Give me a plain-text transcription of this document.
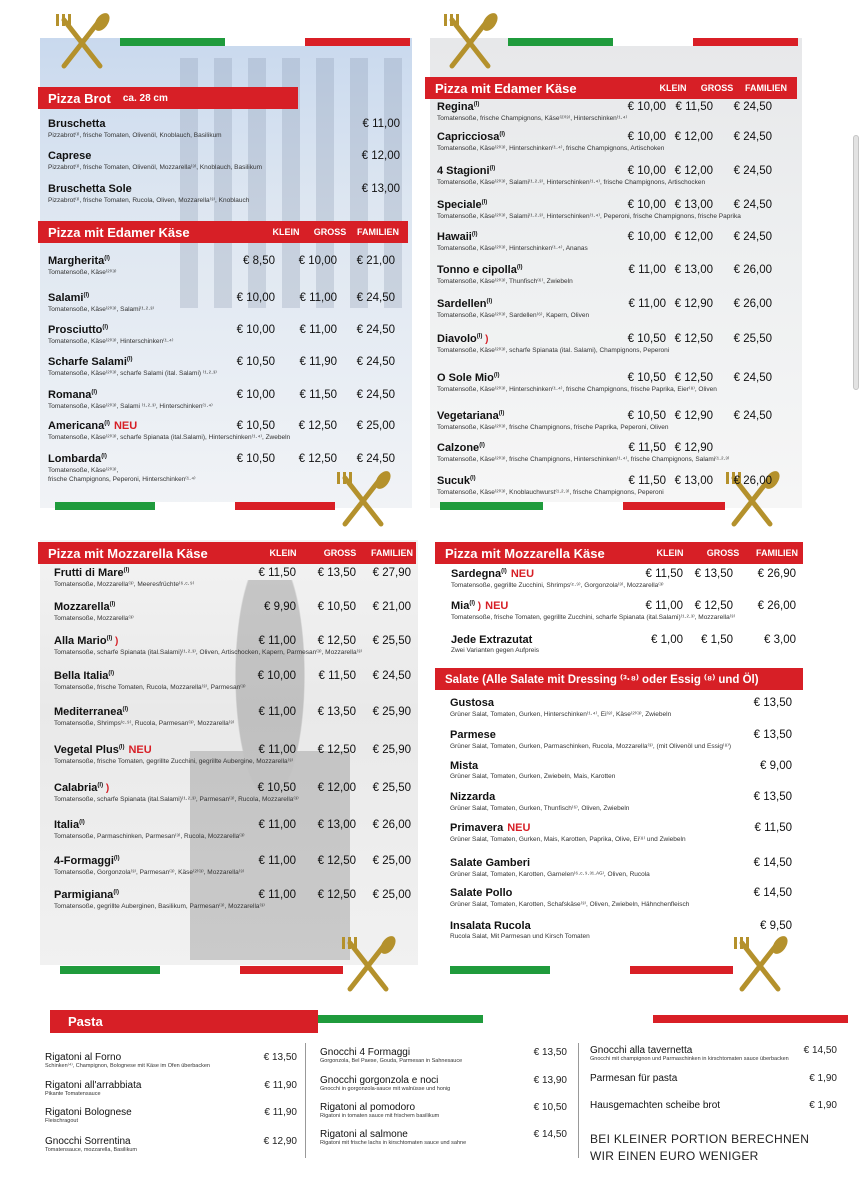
Pizza Brot ca. 28 cm
Bruschetta
Pizzabrot⁽ᴵ⁾, frische Tomaten, Olivenöl, Knoblauch, Basilikum
€ 11,00
Caprese
Pizzabrot⁽ᴵ⁾, frische Tomaten, Olivenöl, Mozzarella⁽³⁾, Knoblauch, Basilikum
€ 12,00
Bruschetta Sole
Pizzabrot⁽ᴵ⁾, frische Tomaten, Rucola, Oliven, Mozzarella⁽³⁾, Knoblauch
€ 13,00
Pizza mit Edamer Käse	KLEIN	GROSS	FAMILIEN
Margherita$^{(I)}$
Tomatensoße, Käse⁽²⁾⁽³⁾
€ 8,50	€ 10,00	€ 21,00
Salami$^{(I)}$
Tomatensoße, Käse⁽²⁾⁽³⁾, Salami⁽¹·²·³⁾
€ 10,00	€ 11,00	€ 24,50
Prosciutto$^{(I)}$
Tomatensoße, Käse⁽²⁾⁽³⁾, Hinterschinken⁽¹·⁴⁾
€ 10,00	€ 11,00	€ 24,50
Scharfe Salami$^{(I)}$
Tomatensoße, Käse⁽²⁾⁽³⁾, scharfe Salami (ital. Salami) ⁽¹·²·³⁾
€ 10,50	€ 11,90	€ 24,50
Romana$^{(I)}$
Tomatensoße, Käse⁽²⁾⁽³⁾, Salami ⁽¹·²·³⁾, Hinterschinken⁽¹·⁴⁾
€ 10,00	€ 11,50	€ 24,50
Americana$^{(I)}$ NEU
Tomatensoße, Käse⁽²⁾⁽³⁾, scharfe Spianata (ital.Salami), Hinterschinken⁽¹·⁴⁾, Zwebeln
€ 10,50	€ 12,50	€ 25,00
Lombarda$^{(I)}$
Tomatensoße, Käse⁽²⁾⁽³⁾,
frische Champignons, Peperoni, Hinterschinken⁽¹·⁴⁾
€ 10,50	€ 12,50	€ 24,50
Pizza mit Edamer Käse	KLEIN	GROSS	FAMILIEN
Regina$^{(I)}$
Tomatensoße, frische Champignons, Käse⁽²⁾⁽³⁾, Hinterschinken⁽¹·⁴⁾
€ 10,00 € 11,50	€ 24,50
Capricciosa$^{(I)}$
Tomatensoße, Käse⁽²⁾⁽³⁾, Hinterschinken⁽¹·⁴⁾, frische Champignons, Artischoken
€ 10,00 € 12,00	€ 24,50
4 Stagioni$^{(I)}$
Tomatensoße, Käse⁽²⁾⁽³⁾, Salami⁽¹·²·³⁾, Hinterschinken⁽¹·⁴⁾, frische Champignons, Artischocken
€ 10,00 € 12,00	€ 24,50
Speciale$^{(I)}$
Tomatensoße, Käse⁽²⁾⁽³⁾, Salami⁽¹·²·³⁾, Hinterschinken⁽¹·⁴⁾, Peperoni, frische Champignons, frische Paprika
€ 10,00 € 13,00	€ 24,50
Hawaii$^{(I)}$
Tomatensoße, Käse⁽²⁾⁽³⁾, Hinterschinken⁽¹·⁴⁾, Ananas
€ 10,00 € 12,00	€ 24,50
Tonno e cipolla$^{(I)}$
Tomatensoße, Käse⁽²⁾⁽³⁾, Thunfisch⁽⁶⁾, Zwiebeln
€ 11,00 € 13,00	€ 26,00
Sardellen$^{(I)}$
Tomatensoße, Käse⁽²⁾⁽³⁾, Sardellen⁽⁶⁾, Kapern, Oliven
€ 11,00 € 12,90	€ 26,00
Diavolo$^{(I)}$ )
Tomatensoße, Käse⁽²⁾⁽³⁾, scharfe Spianata (ital. Salami), Champignons, Peperoni
€ 10,50 € 12,50	€ 25,50
O Sole Mio$^{(I)}$
Tomatensoße, Käse⁽²⁾⁽³⁾, Hinterschinken⁽¹·⁴⁾, frische Champignons, frische Paprika, Eier⁽⁸⁾, Oliven
€ 10,50 € 12,50	€ 24,50
Vegetariana$^{(I)}$
Tomatensoße, Käse⁽²⁾⁽³⁾, frische Champignons, frische Paprika, Peperoni, Oliven
€ 10,50 € 12,90	€ 24,50
Calzone$^{(I)}$
Tomatensoße, Käse⁽²⁾⁽³⁾, frische Champignons, Hinterschinken⁽¹·⁴⁾, frische Champignons, Salami⁽¹·²·³⁾
€ 11,50 € 12,90
Sucuk$^{(I)}$
Tomatensoße, Käse⁽²⁾⁽³⁾, Knoblauchwurst⁽¹·²·³⁾, frische Champignons, Peperoni
€ 11,50 € 13,00	€ 26,00
Pizza mit Mozzarella Käse	KLEIN	GROSS	FAMILIEN
Frutti di Mare$^{(I)}$
Tomatensoße, Mozzarella⁽³⁾, Meeresfrüchte⁽⁶·ᶜ·⁹⁾
€ 11,50	€ 13,50	€ 27,90
Mozzarella$^{(I)}$
Tomatensoße, Mozzarella⁽³⁾
€ 9,90	€ 10,50	€ 21,00
Alla Mario$^{(I)}$ )
Tomatensoße, scharfe Spianata (ital.Salami)⁽¹·²·³⁾, Oliven, Artischocken, Kapern, Parmesan⁽³⁾, Mozzarella⁽³⁾
€ 11,00	€ 12,50	€ 25,50
Bella Italia$^{(I)}$
Tomatensoße, frische Tomaten, Rucola, Mozzarella⁽³⁾, Parmesan⁽³⁾
€ 10,00	€ 11,50	€ 24,50
Mediterranea$^{(I)}$
Tomatensoße, Shrimps⁽ᶜ·⁹⁾, Rucola, Parmesan⁽³⁾, Mozzarella⁽³⁾
€ 11,00	€ 13,50	€ 25,90
Vegetal Plus$^{(I)}$ NEU
Tomatensoße, frische Tomaten, gegrillte Zucchini, gegrillte Aubergine, Mozzarella⁽³⁾
€ 11,00	€ 12,50	€ 25,90
Calabria$^{(I)}$ )
Tomatensoße, scharfe Spianata (ital.Salami)⁽¹·²·³⁾, Parmesan⁽³⁾, Rucola, Mozzarella⁽³⁾
€ 10,50	€ 12,00	€ 25,50
Italia$^{(I)}$
Tomatensoße, Parmaschinken, Parmesan⁽³⁾, Rucola, Mozzarella⁽³⁾
€ 11,00	€ 13,00	€ 26,00
4-Formaggi$^{(I)}$
Tomatensoße, Gorgonzola⁽³⁾, Parmesan⁽³⁾, Käse⁽²⁾⁽³⁾, Mozzarella⁽³⁾
€ 11,00	€ 12,50	€ 25,00
Parmigiana$^{(I)}$
Tomatensoße, gegrillte Auberginen, Basilikum, Parmesan⁽³⁾, Mozzarella⁽³⁾
€ 11,00	€ 12,50	€ 25,00
Pizza mit Mozzarella Käse	KLEIN	GROSS	FAMILIEN
Sardegna$^{(I)}$ NEU
Tomatensoße, gegrillte Zucchini, Shrimps⁽ᶜ·⁹⁾, Gorgonzola⁽³⁾, Mozzarella⁽³⁾
€ 11,50	€ 13,50	€ 26,90
Mia$^{(I)}$ ) NEU
Tomatensoße, frische Tomaten, gegrillte Zucchini, scharfe Spianata (ital.Salami)⁽¹·²·³⁾, Mozzarella⁽³⁾
€ 11,00	€ 12,50	€ 26,00
Jede Extrazutat
Zwei Varianten gegen Aufpreis
€ 1,00	€ 1,50	€ 3,00
Salate (Alle Salate mit Dressing ⁽³·⁸⁾ oder Essig ⁽⁸⁾ und Öl)
Gustosa
Grüner Salat, Tomaten, Gurken, Hinterschinken⁽¹·⁴⁾, Ei⁽⁸⁾, Käse⁽²⁾⁽³⁾, Zwiebeln
€ 13,50
Parmese
Grüner Salat, Tomaten, Gurken, Parmaschinken, Rucola, Mozzarella⁽³⁾, (mit Olivenöl und Essig⁽⁸⁾)
€ 13,50
Mista
Grüner Salat, Tomaten, Gurken, Zwiebeln, Mais, Karotten
€ 9,00
Nizzarda
Grüner Salat, Tomaten, Gurken, Thunfisch⁽⁶⁾, Oliven, Zwiebeln
€ 13,50
Primavera NEU
Grüner Salat, Tomaten, Gurken, Mais, Karotten, Paprika, Olive, Ei⁽⁸⁾ und Zwiebeln
€ 11,50
Salate Gamberi
Grüner Salat, Tomaten, Karotten, Garnelen⁽⁶·ᶜ·⁹·³¹·ᴬᴳ⁾, Oliven, Rucola
€ 14,50
Salate Pollo
Grüner Salat, Tomaten, Karotten, Schafskäse⁽³⁾, Oliven, Zwiebeln, Hähnchenfleisch
€ 14,50
Insalata Rucola
Rucola Salat, Mit Parmesan und Kirsch Tomaten
€ 9,50
Pasta
Rigatoni al Forno
Schinken⁽⁴⁾, Champignon, Bolognese mit Käse im Ofen überbacken
€ 13,50
Rigatoni all'arrabbiata
Pikante Tomatensauce
€ 11,90
Rigatoni Bolognese
Fleischragout
€ 11,90
Gnocchi Sorrentina
Tomatensauce, mozzarella, Basilikum
€ 12,90
Gnocchi 4 Formaggi
Gorgonzola, Bel Paese, Gouda, Parmesan in Sahnesauce
€ 13,50
Gnocchi gorgonzola e noci
Gnocchi in gorgonzola-sauce mit walnüsse und honig
€ 13,90
Rigatoni al pomodoro
Rigatoni in tomaten sauce mit frischem basilikum
€ 10,50
Rigatoni al salmone
Rigatoni mit frische lachs in kirschtomaten sauce und sahne
€ 14,50
Gnocchi alla tavernetta
Gnocchi mit champignon und Parmaschinken in kirschtomaten sauce überbacken
€ 14,50
Parmesan für pasta	€ 1,90
Hausgemachten scheibe brot	€ 1,90
BEI KLEINER PORTION BERECHNEN
WIR EINEN EURO WENIGER
